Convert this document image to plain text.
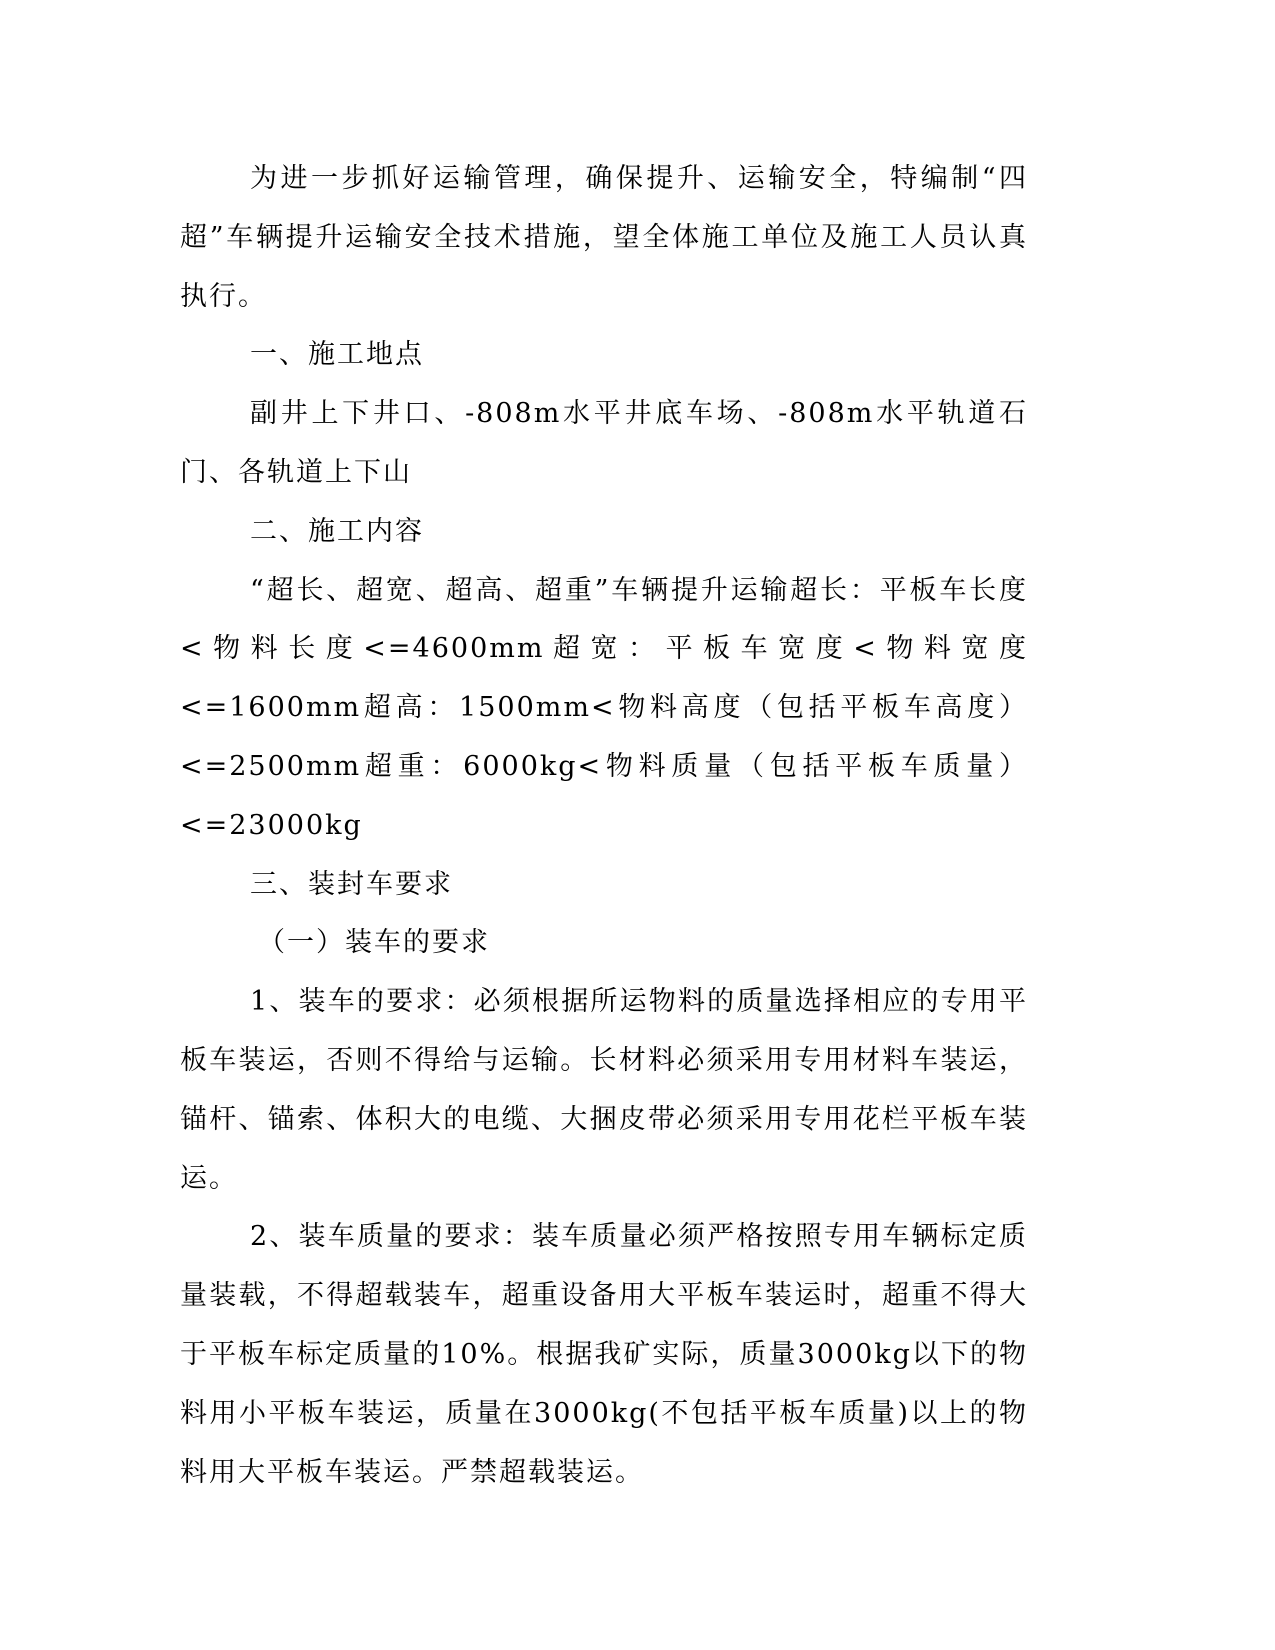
为进一步抓好运输管理，确保提升、运输安全，特编制“四超”车辆提升运输安全技术措施，望全体施工单位及施工人员认真执行。

一、施工地点

副井上下井口、-808m水平井底车场、-808m水平轨道石门、各轨道上下山

二、施工内容

“超长、超宽、超高、超重”车辆提升运输超长：平板车长度<物料长度<=4600mm超宽：平板车宽度<物料宽度<=1600mm超高：1500mm<物料高度（包括平板车高度）<=2500mm超重：6000kg<物料质量（包括平板车质量）<=23000kg

三、装封车要求

（一）装车的要求

1、装车的要求：必须根据所运物料的质量选择相应的专用平板车装运，否则不得给与运输。长材料必须采用专用材料车装运，锚杆、锚索、体积大的电缆、大捆皮带必须采用专用花栏平板车装运。

2、装车质量的要求：装车质量必须严格按照专用车辆标定质量装载，不得超载装车，超重设备用大平板车装运时，超重不得大于平板车标定质量的10%。根据我矿实际，质量3000kg以下的物料用小平板车装运，质量在3000kg(不包括平板车质量)以上的物料用大平板车装运。严禁超载装运。
